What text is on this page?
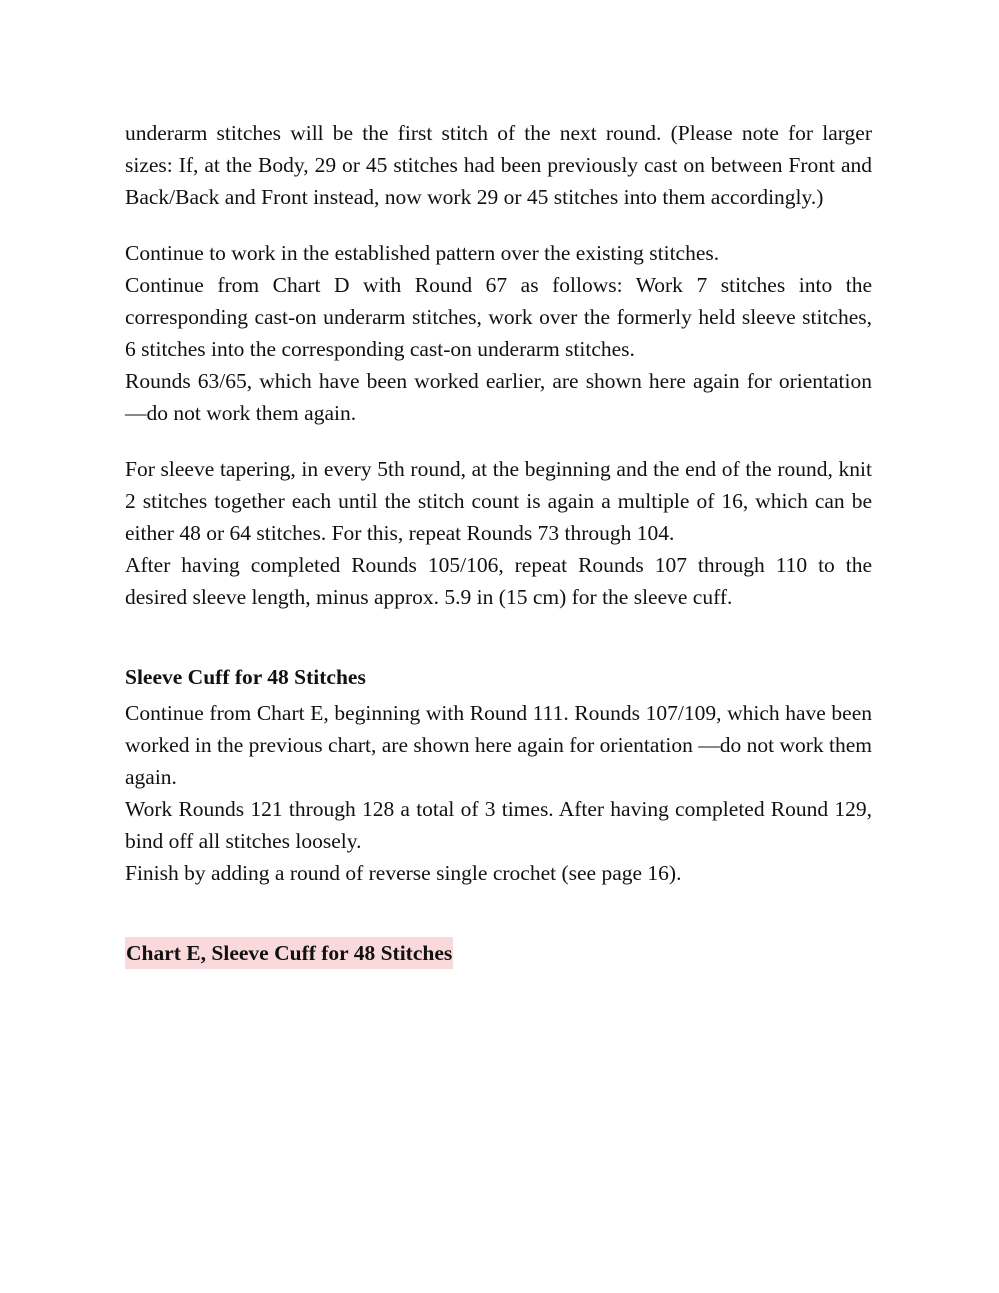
underarm stitches will be the first stitch of the next round. (Please note for larger sizes: If, at the Body, 29 or 45 stitches had been previously cast on between Front and Back/Back and Front instead, now work 29 or 45 stitches into them accordingly.)

Continue to work in the established pattern over the existing stitches.

Continue from Chart D with Round 67 as follows: Work 7 stitches into the corresponding cast-on underarm stitches, work over the formerly held sleeve stitches, 6 stitches into the corresponding cast-on underarm stitches.

Rounds 63/65, which have been worked earlier, are shown here again for orientation—do not work them again.

For sleeve tapering, in every 5th round, at the beginning and the end of the round, knit 2 stitches together each until the stitch count is again a multiple of 16, which can be either 48 or 64 stitches. For this, repeat Rounds 73 through 104.

After having completed Rounds 105/106, repeat Rounds 107 through 110 to the desired sleeve length, minus approx. 5.9 in (15 cm) for the sleeve cuff.

Sleeve Cuff for 48 Stitches

Continue from Chart E, beginning with Round 111. Rounds 107/109, which have been worked in the previous chart, are shown here again for orientation —do not work them again.

Work Rounds 121 through 128 a total of 3 times. After having completed Round 129, bind off all stitches loosely.

Finish by adding a round of reverse single crochet (see page 16).

Chart E, Sleeve Cuff for 48 Stitches
